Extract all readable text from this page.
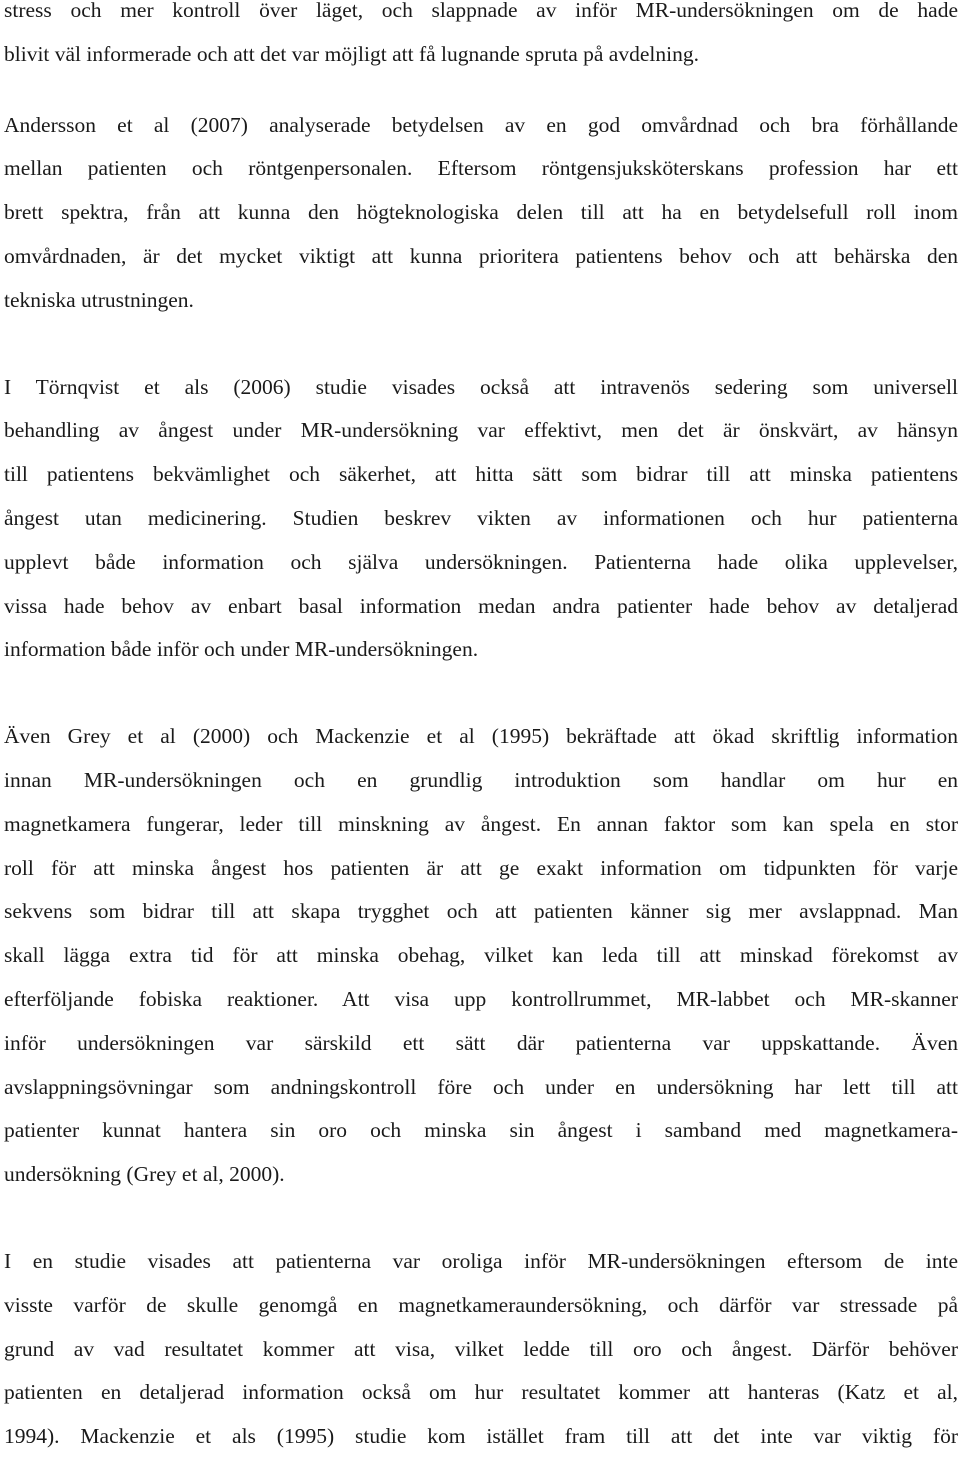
stress och mer kontroll över läget, och slappnade av inför MR-undersökningen om de hade
blivit väl informerade och att det var möjligt att få lugnande spruta på avdelning.
Andersson et al (2007) analyserade betydelsen av en god omvårdnad och bra förhållande
mellan patienten och röntgenpersonalen. Eftersom röntgensjuksköterskans profession har ett
brett spektra, från att kunna den högteknologiska delen till att ha en betydelsefull roll inom
omvårdnaden, är det mycket viktigt att kunna prioritera patientens behov och att behärska den
tekniska utrustningen.
I Törnqvist et als (2006) studie visades också att intravenös sedering som universell
behandling av ångest under MR-undersökning var effektivt, men det är önskvärt, av hänsyn
till patientens bekvämlighet och säkerhet, att hitta sätt som bidrar till att minska patientens
ångest utan medicinering. Studien beskrev vikten av informationen och hur patienterna
upplevt både information och själva undersökningen. Patienterna hade olika upplevelser,
vissa hade behov av enbart basal information medan andra patienter hade behov av detaljerad
information både inför och under MR-undersökningen.
Även Grey et al (2000) och Mackenzie et al (1995) bekräftade att ökad skriftlig information
innan MR-undersökningen och en grundlig introduktion som handlar om hur en
magnetkamera fungerar, leder till minskning av ångest. En annan faktor som kan spela en stor
roll för att minska ångest hos patienten är att ge exakt information om tidpunkten för varje
sekvens som bidrar till att skapa trygghet och att patienten känner sig mer avslappnad. Man
skall lägga extra tid för att minska obehag, vilket kan leda till att minskad förekomst av
efterföljande fobiska reaktioner. Att visa upp kontrollrummet, MR-labbet och MR-skanner
inför undersökningen var särskild ett sätt där patienterna var uppskattande. Även
avslappningsövningar som andningskontroll före och under en undersökning har lett till att
patienter kunnat hantera sin oro och minska sin ångest i samband med magnetkamera-
undersökning (Grey et al, 2000).
I en studie visades att patienterna var oroliga inför MR-undersökningen eftersom de inte
visste varför de skulle genomgå en magnetkameraundersökning, och därför var stressade på
grund av vad resultatet kommer att visa, vilket ledde till oro och ångest. Därför behöver
patienten en detaljerad information också om hur resultatet kommer att hanteras (Katz et al,
1994). Mackenzie et als (1995) studie kom istället fram till att det inte var viktig för
